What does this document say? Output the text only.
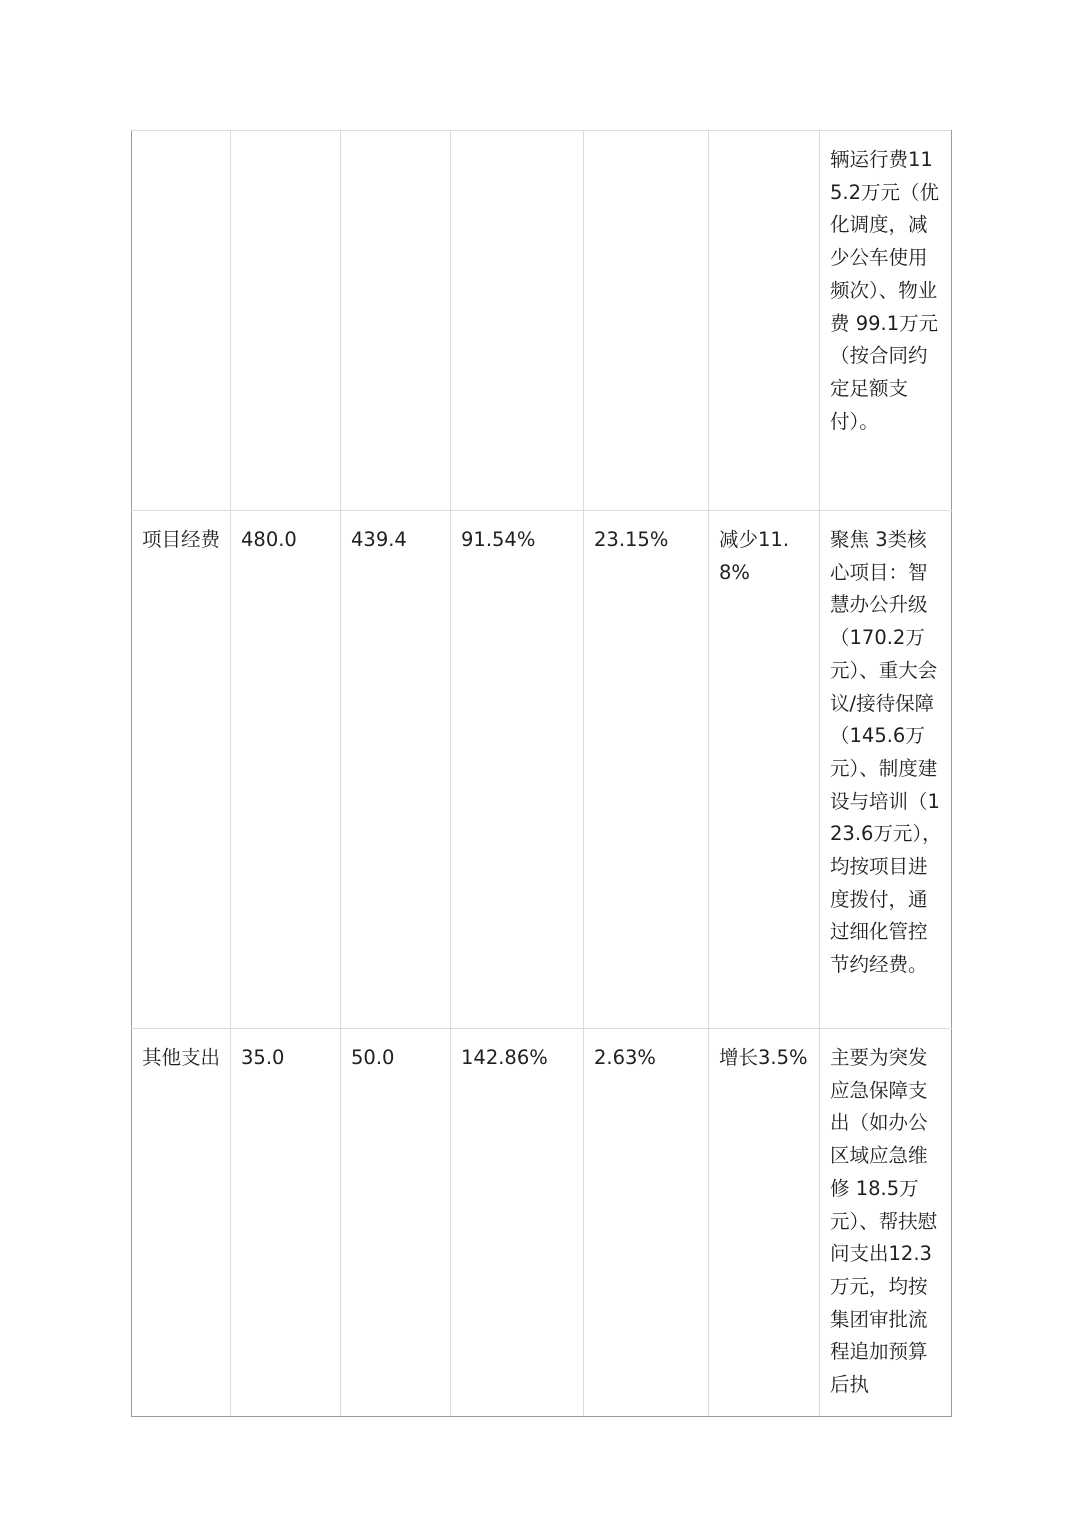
						辆运行费115.2万元（优化调度，减少公车使用频次）、物业费 99.1万元（按合同约定足额支付）。
项目经费	480.0	439.4	91.54%	23.15%	减少11.8%	聚焦 3类核心项目：智慧办公升级（170.2万元）、重大会议/接待保障（145.6万元）、制度建设与培训（123.6万元），均按项目进度拨付，通过细化管控节约经费。
其他支出	35.0	50.0	142.86%	2.63%	增长3.5%	主要为突发应急保障支出（如办公区域应急维修 18.5万元）、帮扶慰问支出12.3万元，均按集团审批流程追加预算后执
